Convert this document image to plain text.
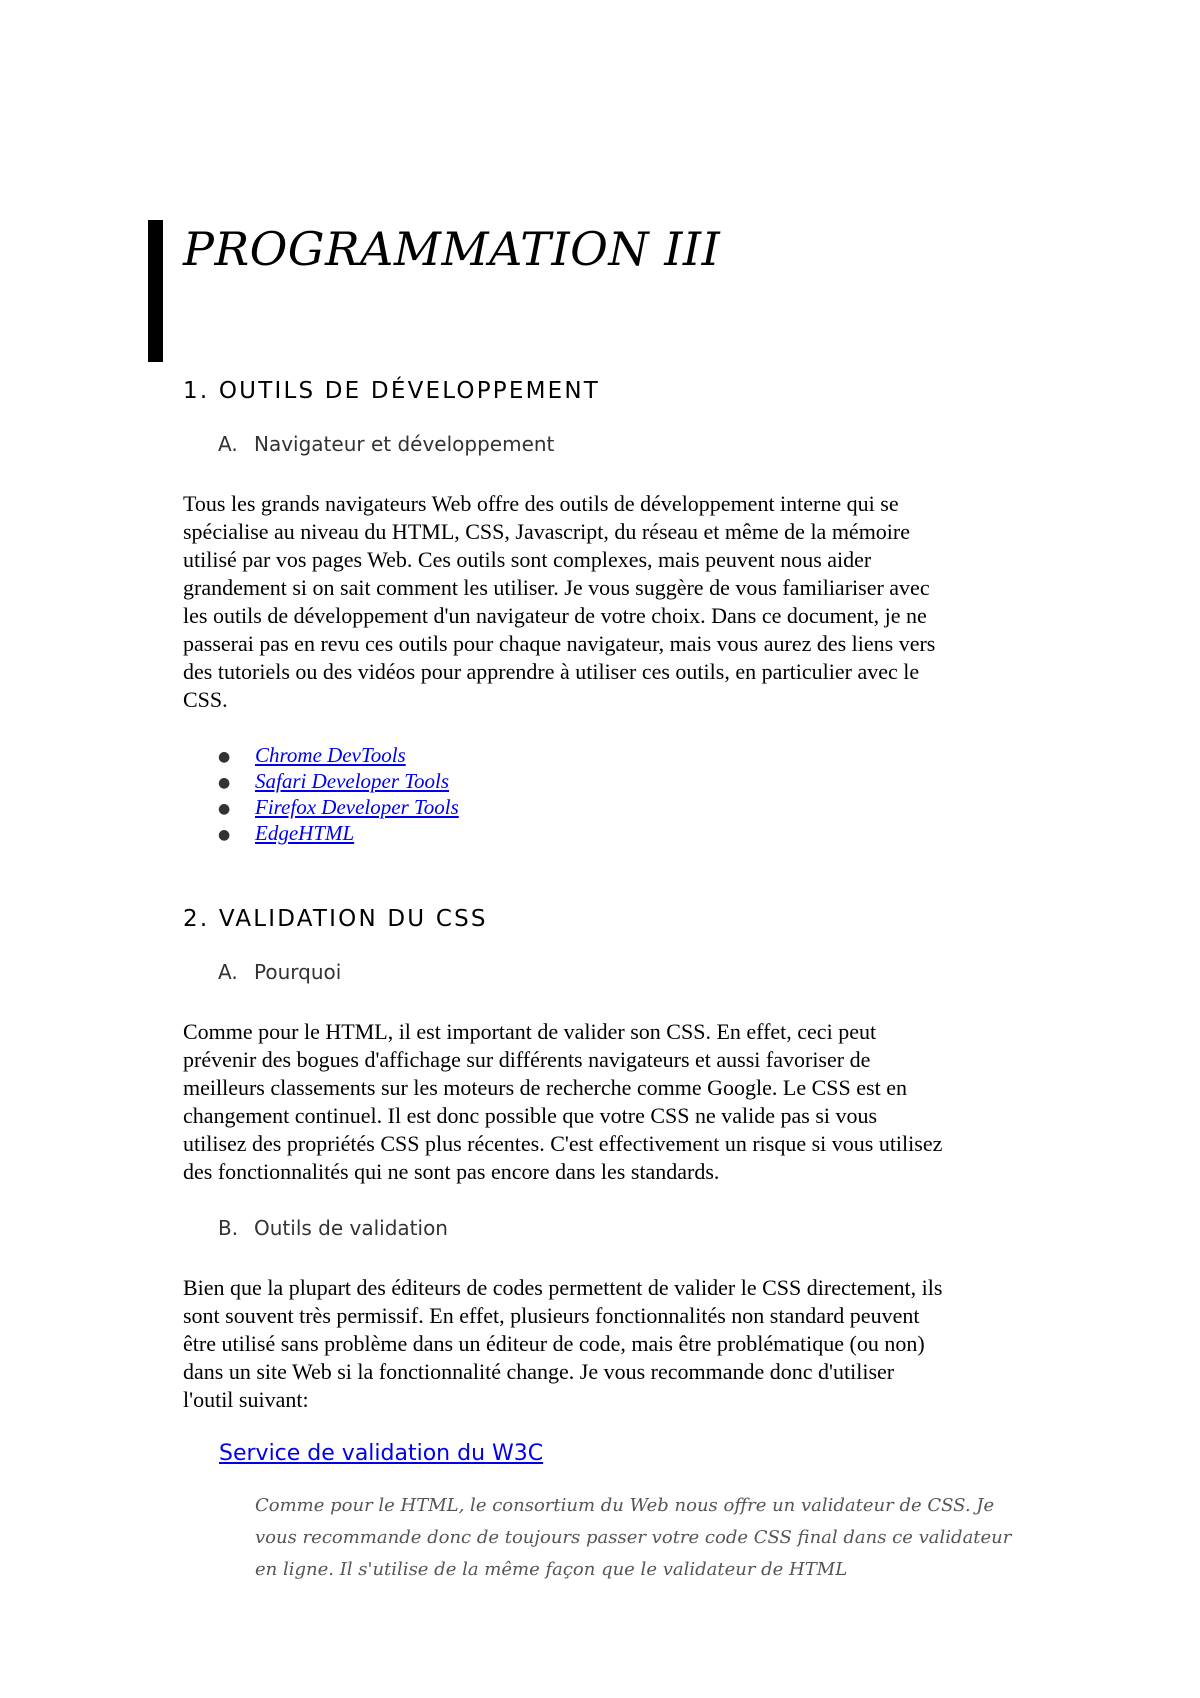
PROGRAMMATION III
1. OUTILS DE DÉVELOPPEMENT
A. Navigateur et développement
Tous les grands navigateurs Web offre des outils de développement interne qui se
spécialise au niveau du HTML, CSS, Javascript, du réseau et même de la mémoire
utilisé par vos pages Web. Ces outils sont complexes, mais peuvent nous aider
grandement si on sait comment les utiliser. Je vous suggère de vous familiariser avec
les outils de développement d'un navigateur de votre choix. Dans ce document, je ne
passerai pas en revu ces outils pour chaque navigateur, mais vous aurez des liens vers
des tutoriels ou des vidéos pour apprendre à utiliser ces outils, en particulier avec le
CSS.
● Chrome DevTools
● Safari Developer Tools
● Firefox Developer Tools
● EdgeHTML
2. VALIDATION DU CSS
A. Pourquoi
Comme pour le HTML, il est important de valider son CSS. En effet, ceci peut
prévenir des bogues d'affichage sur différents navigateurs et aussi favoriser de
meilleurs classements sur les moteurs de recherche comme Google. Le CSS est en
changement continuel. Il est donc possible que votre CSS ne valide pas si vous
utilisez des propriétés CSS plus récentes. C'est effectivement un risque si vous utilisez
des fonctionnalités qui ne sont pas encore dans les standards.
B. Outils de validation
Bien que la plupart des éditeurs de codes permettent de valider le CSS directement, ils
sont souvent très permissif. En effet, plusieurs fonctionnalités non standard peuvent
être utilisé sans problème dans un éditeur de code, mais être problématique (ou non)
dans un site Web si la fonctionnalité change. Je vous recommande donc d'utiliser
l'outil suivant:
Service de validation du W3C
Comme pour le HTML, le consortium du Web nous offre un validateur de CSS. Je
vous recommande donc de toujours passer votre code CSS final dans ce validateur
en ligne. Il s'utilise de la même façon que le validateur de HTML
